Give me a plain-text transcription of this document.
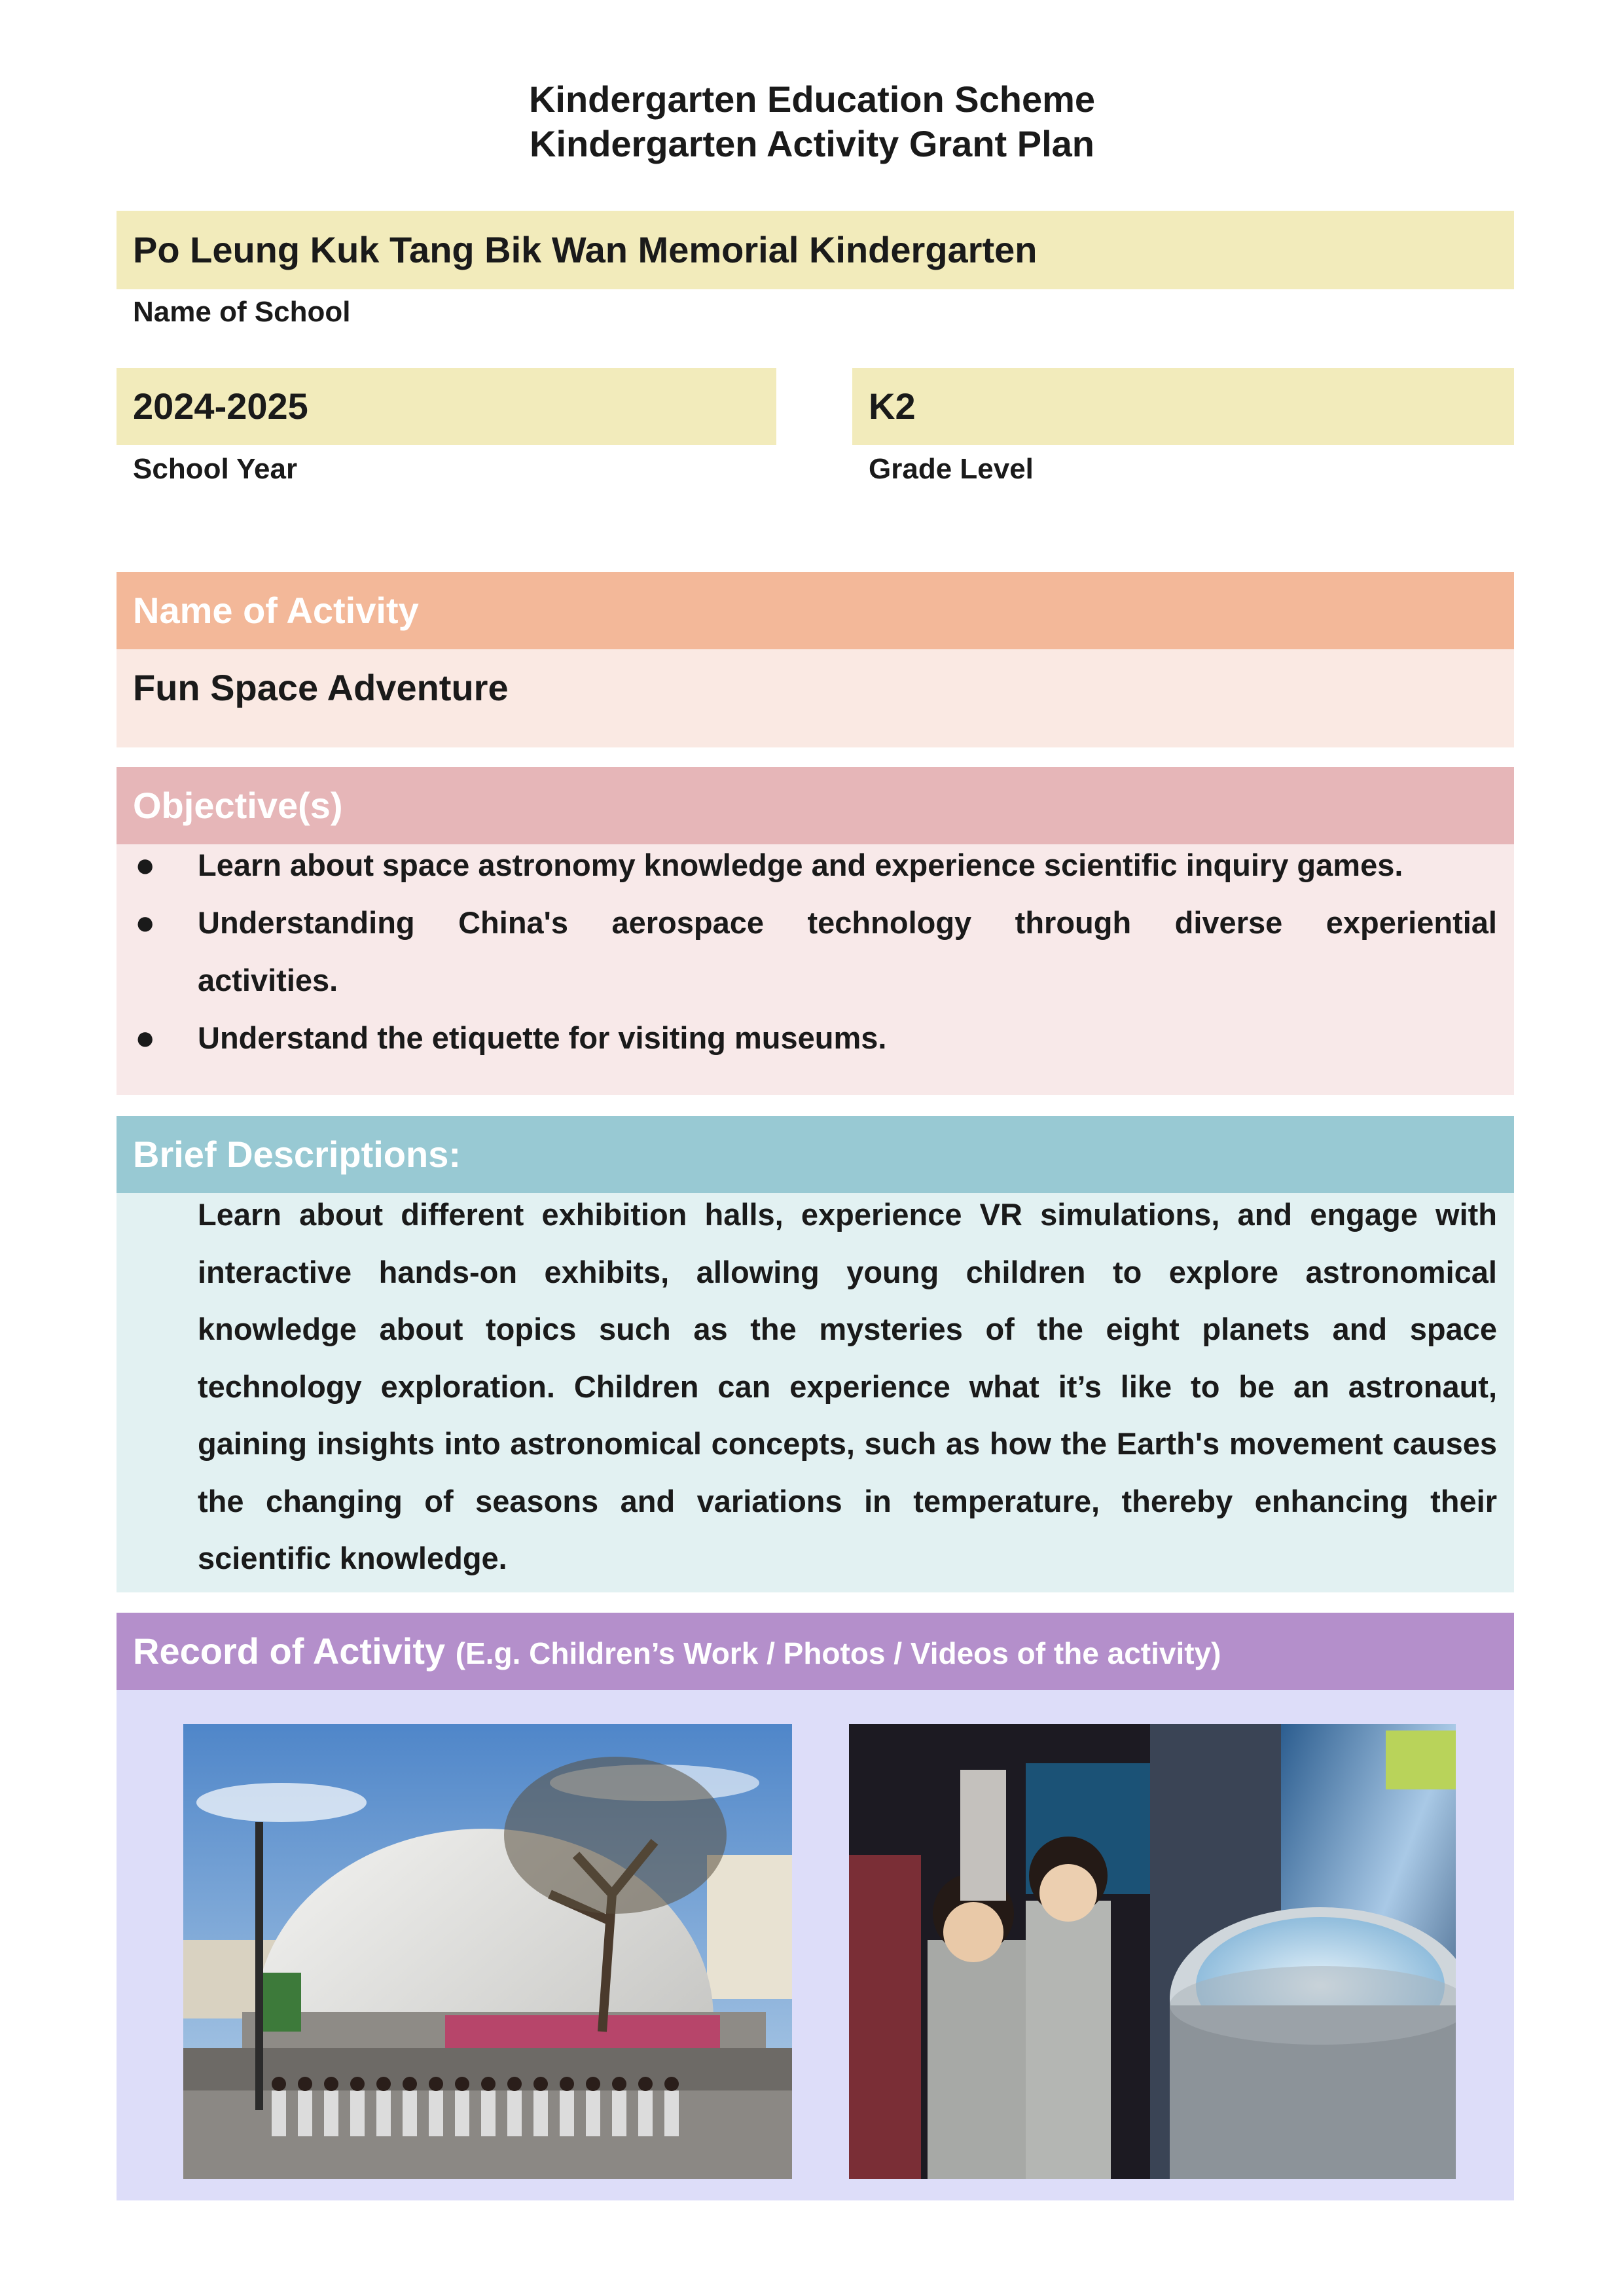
Kindergarten Education Scheme
Kindergarten Activity Grant Plan
Po Leung Kuk Tang Bik Wan Memorial Kindergarten
Name of School
2024-2025
School Year
K2
Grade Level
Name of Activity
Fun Space Adventure
Objective(s)
● Learn about space astronomy knowledge and experience scientific inquiry games.
● Understanding China's aerospace technology through diverse experiential
activities.
● Understand the etiquette for visiting museums.
Brief Descriptions:
Learn about different exhibition halls, experience VR simulations, and engage with interactive hands-on exhibits, allowing young children to explore astronomical knowledge about topics such as the mysteries of the eight planets and space technology exploration. Children can experience what it’s like to be an astronaut, gaining insights into astronomical concepts, such as how the Earth's movement causes the changing of seasons and variations in temperature, thereby enhancing their scientific knowledge.
Record of Activity (E.g. Children’s Work / Photos / Videos of the activity)
